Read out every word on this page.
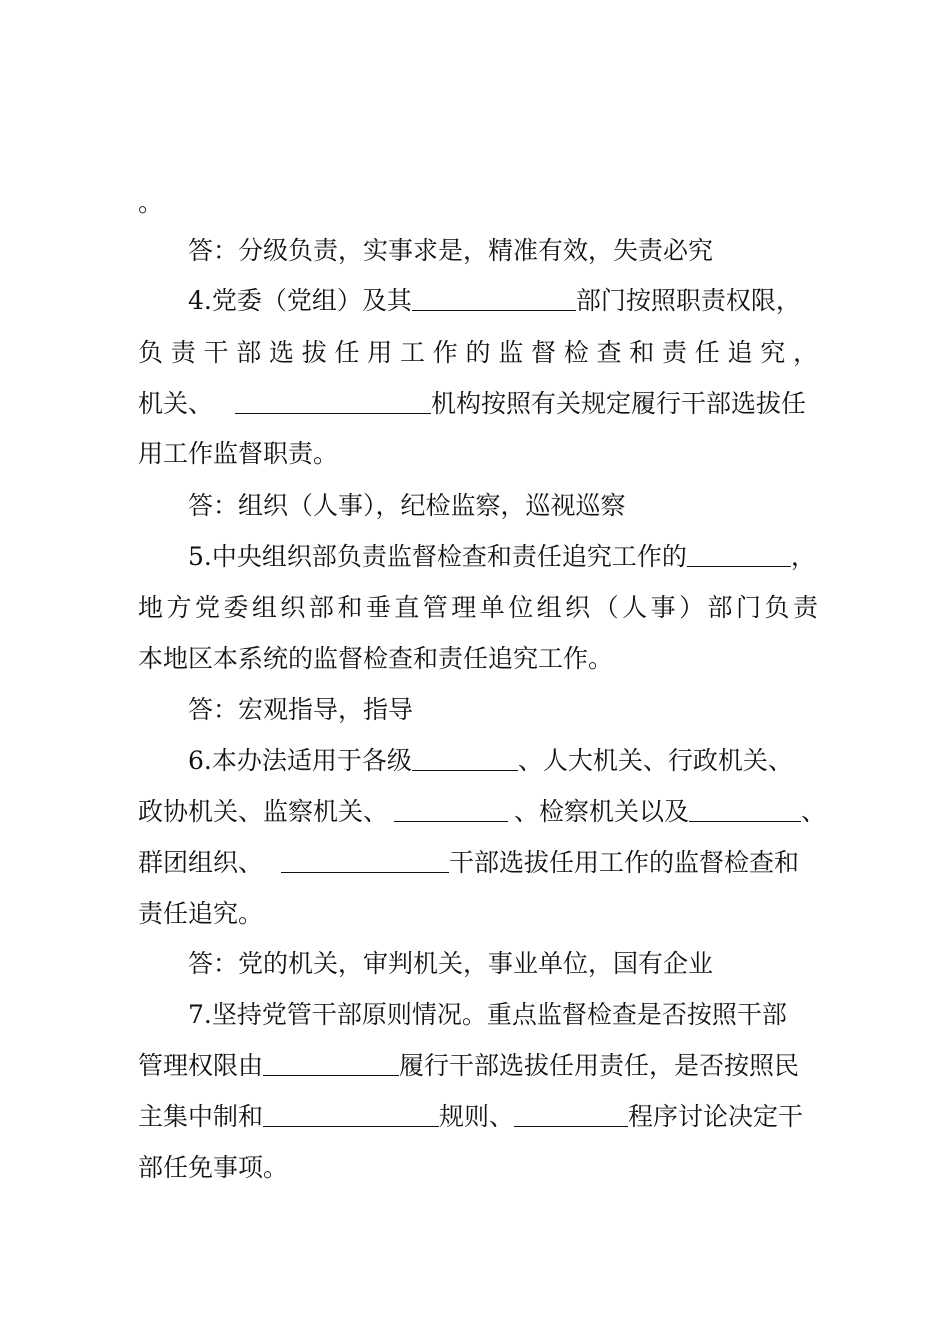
。
答：分级负责，实事求是，精准有效，失责必究
4.党委（党组）及其	部门按照职责权限，
负责干部选拔任用工作的监督检查和责任追究，
机关、	机构按照有关规定履行干部选拔任
用工作监督职责。
答：组织（人事），纪检监察，巡视巡察
5.中央组织部负责监督检查和责任追究工作的	，
地方党委组织部和垂直管理单位组织（人事）部门负责
本地区本系统的监督检查和责任追究工作。
答：宏观指导，指导
6.本办法适用于各级	、人大机关、行政机关、
政协机关、监察机关、	、检察机关以及	、
群团组织、	干部选拔任用工作的监督检查和
责任追究。
答：党的机关，审判机关，事业单位，国有企业
7.坚持党管干部原则情况。重点监督检查是否按照干部
管理权限由	履行干部选拔任用责任，是否按照民
主集中制和	规则、	程序讨论决定干
部任免事项。
